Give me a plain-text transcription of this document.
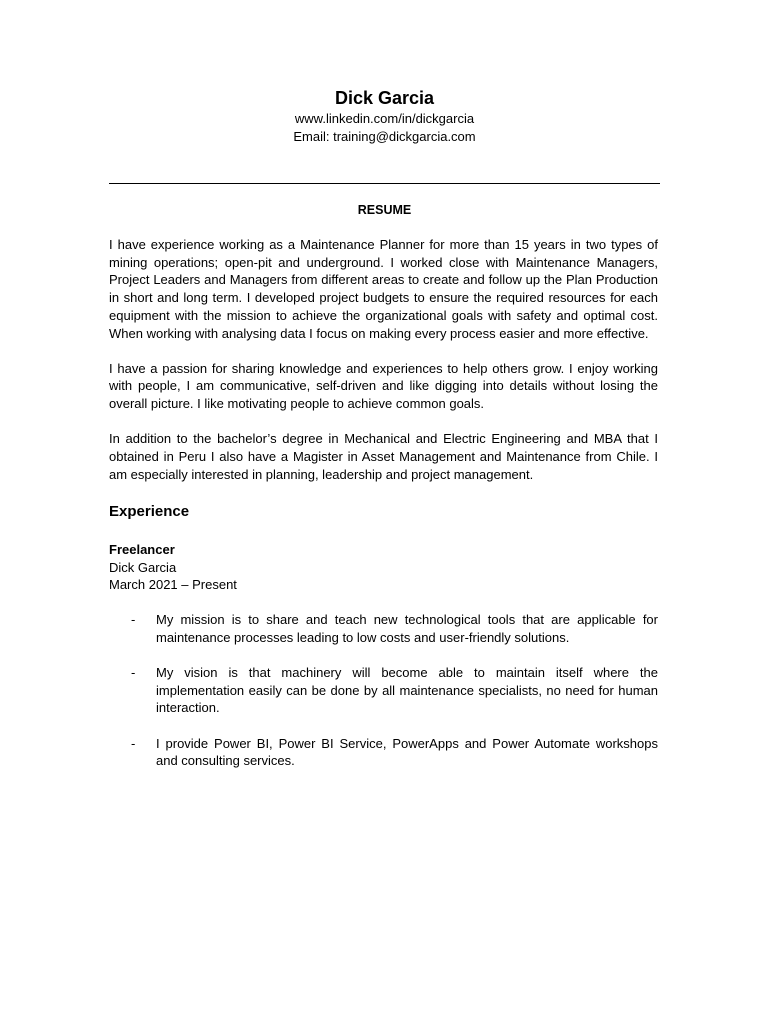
Dick Garcia

www.linkedin.com/in/dickgarcia

Email: training@dickgarcia.com

RESUME

I have experience working as a Maintenance Planner for more than 15 years in two types of mining operations; open-pit and underground. I worked close with Maintenance Managers, Project Leaders and Managers from different areas to create and follow up the Plan Production in short and long term. I developed project budgets to ensure the required resources for each equipment with the mission to achieve the organizational goals with safety and optimal cost. When working with analysing data I focus on making every process easier and more effective.

I have a passion for sharing knowledge and experiences to help others grow. I enjoy working with people, I am communicative, self-driven and like digging into details without losing the overall picture. I like motivating people to achieve common goals.

In addition to the bachelor’s degree in Mechanical and Electric Engineering and MBA that I obtained in Peru I also have a Magister in Asset Management and Maintenance from Chile. I am especially interested in planning, leadership and project management.

Experience

Freelancer

Dick Garcia

March 2021 – Present

- My mission is to share and teach new technological tools that are applicable for maintenance processes leading to low costs and user-friendly solutions.
- My vision is that machinery will become able to maintain itself where the implementation easily can be done by all maintenance specialists, no need for human interaction.
- I provide Power BI, Power BI Service, PowerApps and Power Automate workshops and consulting services.
